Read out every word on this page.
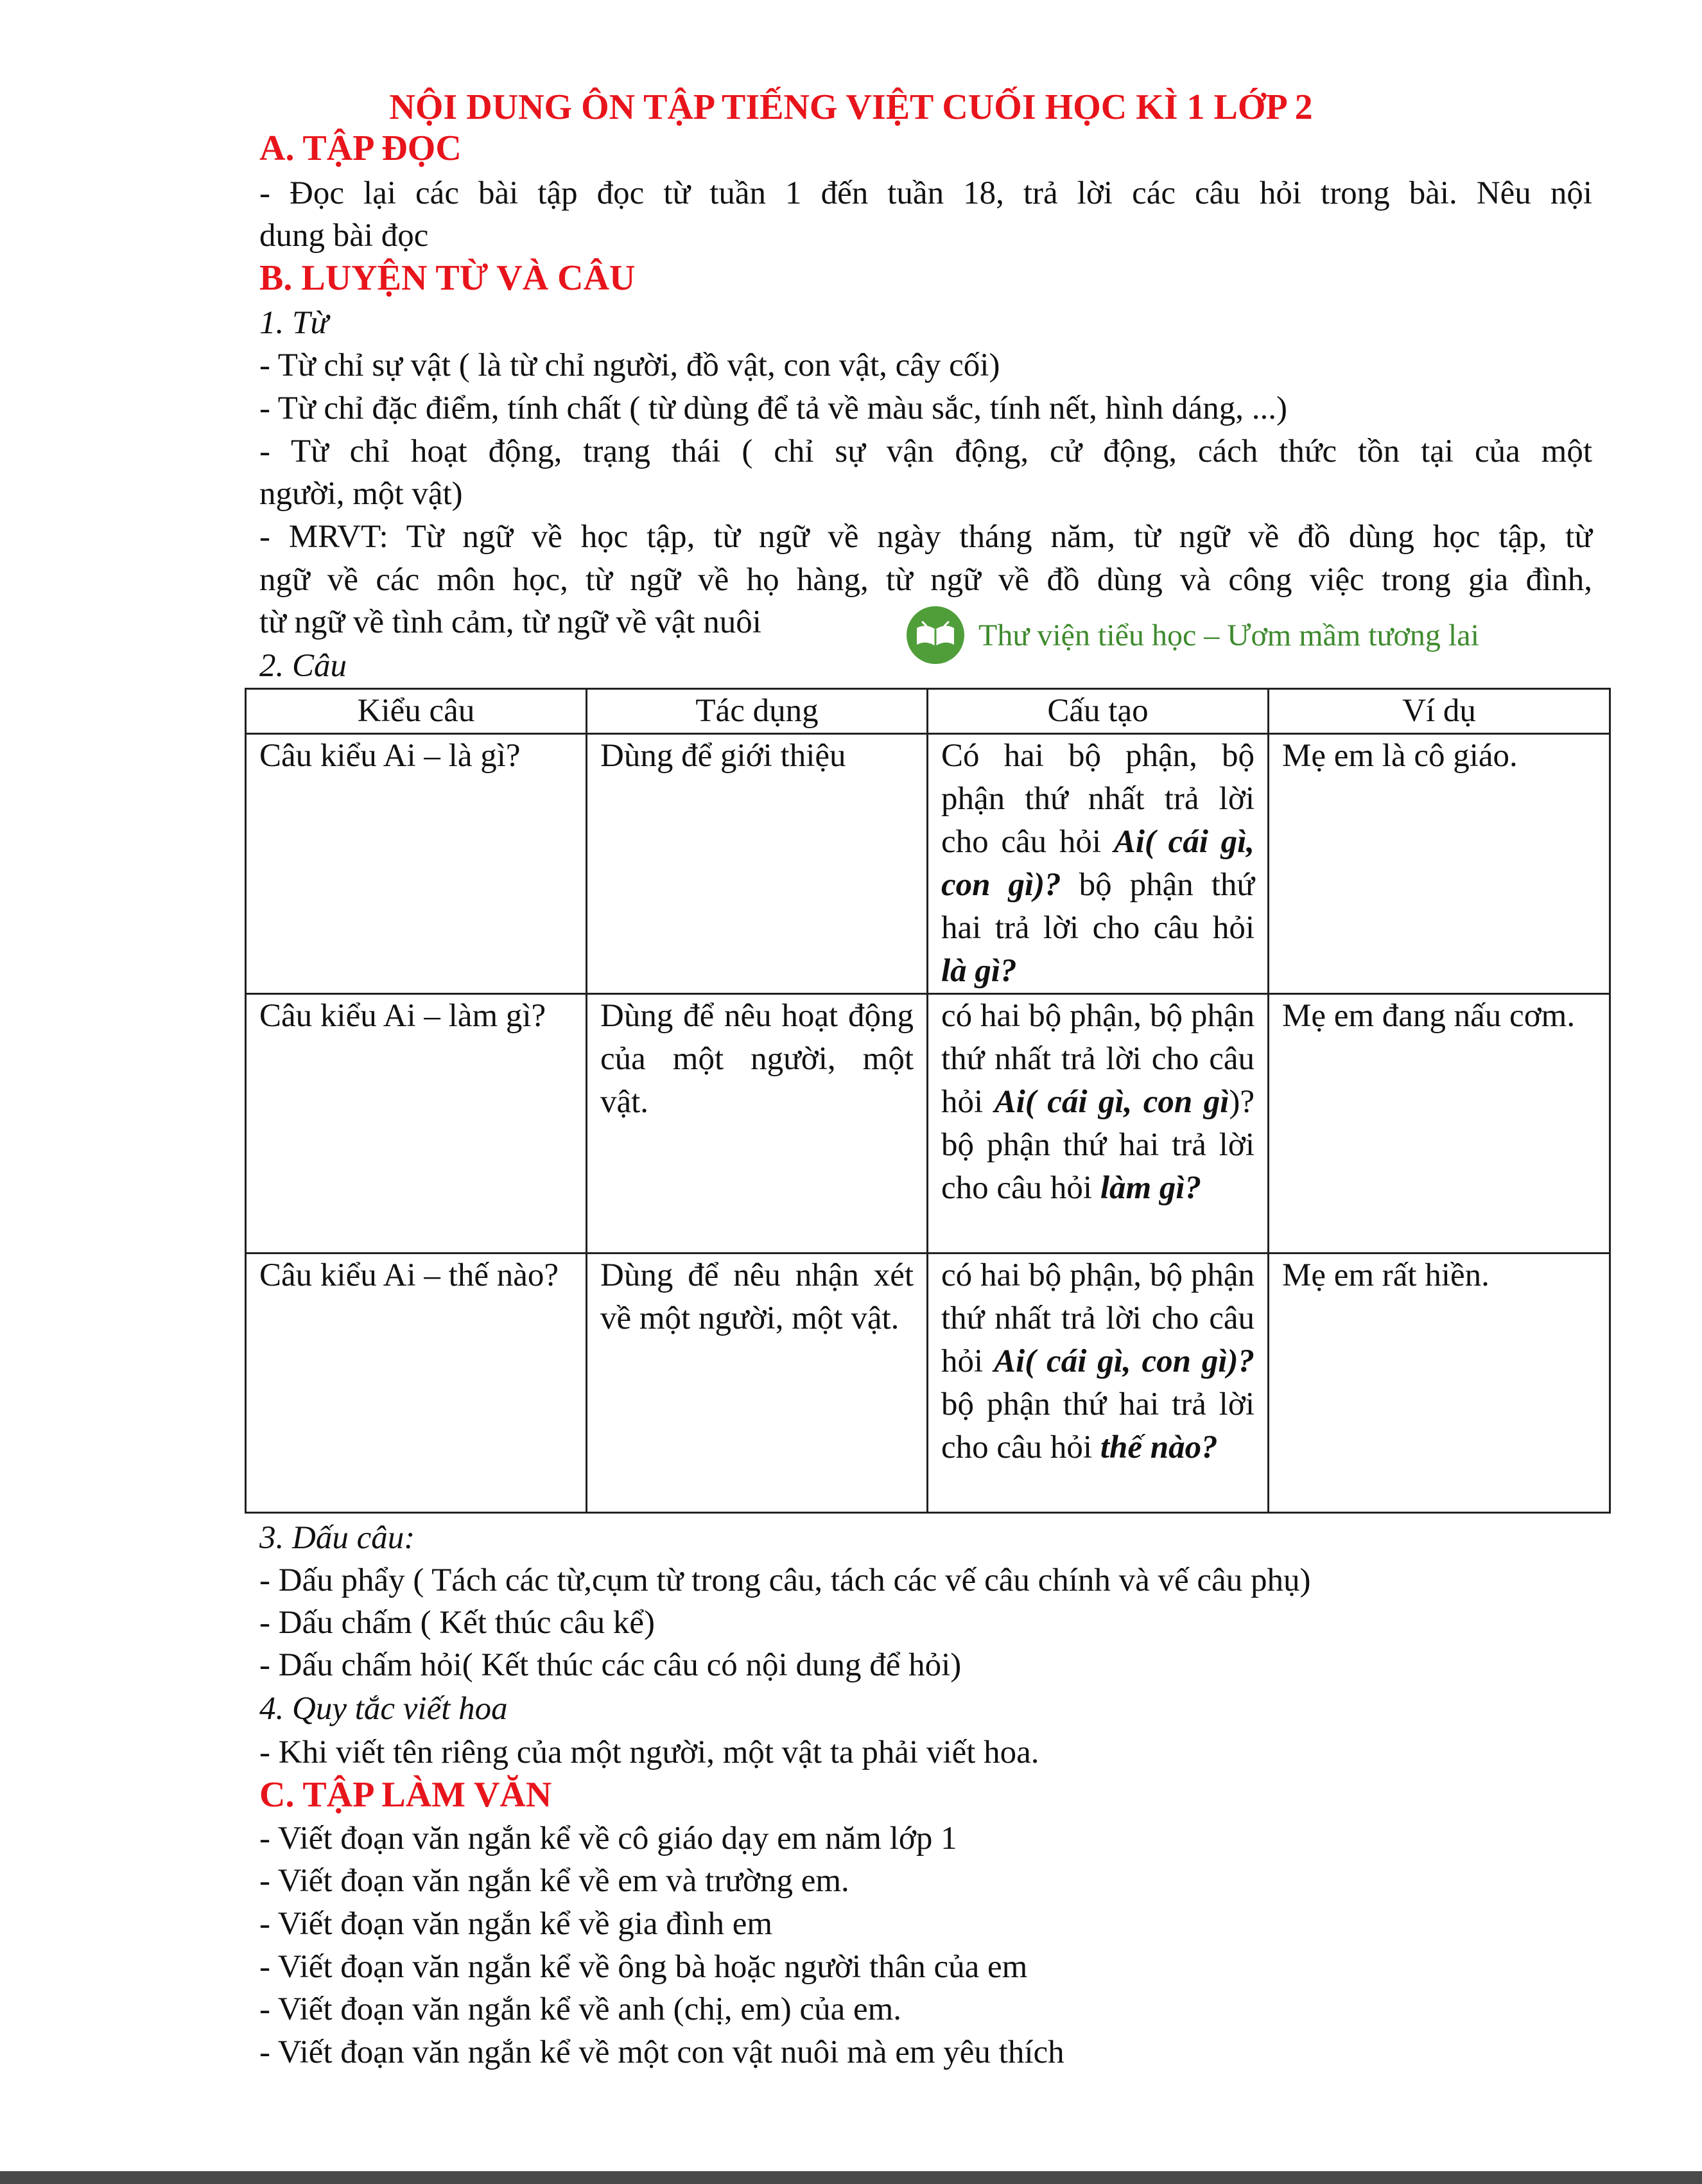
NỘI DUNG ÔN TẬP TIẾNG VIỆT CUỐI HỌC KÌ 1 LỚP 2
A. TẬP ĐỌC
- Đọc lại các bài tập đọc từ tuần 1 đến tuần 18, trả lời các câu hỏi trong bài. Nêu nội
dung bài đọc
B. LUYỆN TỪ VÀ CÂU
1. Từ
- Từ chỉ sự vật ( là từ chỉ người, đồ vật, con vật, cây cối)
- Từ chỉ đặc điểm, tính chất ( từ dùng để tả về màu sắc, tính nết, hình dáng, ...)
- Từ chỉ hoạt động, trạng thái ( chỉ sự vận động, cử động, cách thức tồn tại của một
người, một vật)
- MRVT: Từ ngữ về học tập, từ ngữ về ngày tháng năm, từ ngữ về đồ dùng học tập, từ
ngữ về các môn học, từ ngữ về họ hàng, từ ngữ về đồ dùng và công việc trong gia đình,
từ ngữ về tình cảm, từ ngữ về vật nuôi	Thư viện tiểu học – Ươm mầm tương lai
2. Câu
Kiểu câu	Tác dụng	Cấu tạo	Ví dụ
Câu kiểu Ai – là gì?	Dùng để giới thiệu	Có hai bộ phận, bộ phận thứ nhất trả lời cho câu hỏi Ai( cái gì, con gì)? bộ phận thứ hai trả lời cho câu hỏi là gì?	Mẹ em là cô giáo.
Câu kiểu Ai – làm gì?	Dùng để nêu hoạt động của một người, một vật.	có hai bộ phận, bộ phận thứ nhất trả lời cho câu hỏi Ai( cái gì, con gì)? bộ phận thứ hai trả lời cho câu hỏi làm gì?	Mẹ em đang nấu cơm.
Câu kiểu Ai – thế nào?	Dùng để nêu nhận xét về một người, một vật.	có hai bộ phận, bộ phận thứ nhất trả lời cho câu hỏi Ai( cái gì, con gì)? bộ phận thứ hai trả lời cho câu hỏi thế nào?	Mẹ em rất hiền.
3. Dấu câu:
- Dấu phẩy ( Tách các từ,cụm từ trong câu, tách các vế câu chính và vế câu phụ)
- Dấu chấm ( Kết thúc câu kể)
- Dấu chấm hỏi( Kết thúc các câu có nội dung để hỏi)
4. Quy tắc viết hoa
- Khi viết tên riêng của một người, một vật ta phải viết hoa.
C. TẬP LÀM VĂN
- Viết đoạn văn ngắn kể về cô giáo dạy em năm lớp 1
- Viết đoạn văn ngắn kể về em và trường em.
- Viết đoạn văn ngắn kể về gia đình em
- Viết đoạn văn ngắn kể về ông bà hoặc người thân của em
- Viết đoạn văn ngắn kể về anh (chị, em) của em.
- Viết đoạn văn ngắn kể về một con vật nuôi mà em yêu thích
